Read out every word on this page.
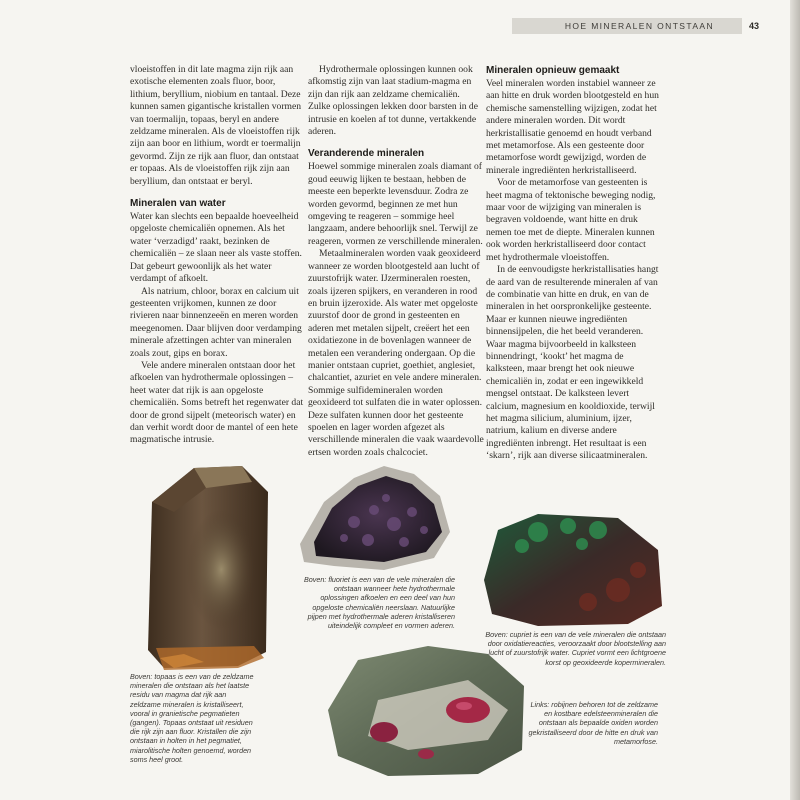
HOE MINERALEN ONTSTAAN	43

vloeistoffen in dit late magma zijn rijk aan exotische elementen zoals fluor, boor, lithium, beryllium, niobium en tantaal. Deze kunnen samen gigantische kristallen vormen van toermalijn, topaas, beryl en andere zeldzame mineralen. Als de vloeistoffen rijk zijn aan boor en lithium, wordt er toermalijn gevormd. Zijn ze rijk aan fluor, dan ontstaat er topaas. Als de vloeistoffen rijk zijn aan beryllium, dan ontstaat er beryl.

Mineralen van water

Water kan slechts een bepaalde hoeveelheid opgeloste chemicaliën opnemen. Als het water ‘verzadigd’ raakt, bezinken de chemicaliën – ze slaan neer als vaste stoffen. Dat gebeurt gewoonlijk als het water verdampt of afkoelt.

Als natrium, chloor, borax en calcium uit gesteenten vrijkomen, kunnen ze door rivieren naar binnenzeeën en meren worden meegenomen. Daar blijven door verdamping minerale afzettingen achter van mineralen zoals zout, gips en borax.

Vele andere mineralen ontstaan door het afkoelen van hydrothermale oplossingen – heet water dat rijk is aan opgeloste chemicaliën. Soms betreft het regenwater dat door de grond sijpelt (meteorisch water) en dan verhit wordt door de mantel of een hete magmatische intrusie.

Hydrothermale oplossingen kunnen ook afkomstig zijn van laat stadium-magma en zijn dan rijk aan zeldzame chemicaliën. Zulke oplossingen lekken door barsten in de intrusie en koelen af tot dunne, vertakkende aderen.

Veranderende mineralen

Hoewel sommige mineralen zoals diamant of goud eeuwig lijken te bestaan, hebben de meeste een beperkte levensduur. Zodra ze worden gevormd, beginnen ze met hun omgeving te reageren – sommige heel langzaam, andere behoorlijk snel. Terwijl ze reageren, vormen ze verschillende mineralen.

Metaalmineralen worden vaak geoxideerd wanneer ze worden blootgesteld aan lucht of zuurstofrijk water. IJzermineralen roesten, zoals ijzeren spijkers, en veranderen in rood en bruin ijzeroxide. Als water met opgeloste zuurstof door de grond in gesteenten en aderen met metalen sijpelt, creëert het een oxidatiezone in de bovenlagen wanneer de metalen een verandering ondergaan. Op die manier ontstaan cupriet, goethiet, anglesiet, chalcantiet, azuriet en vele andere mineralen. Sommige sulfidemineralen worden geoxideerd tot sulfaten die in water oplossen. Deze sulfaten kunnen door het gesteente spoelen en lager worden afgezet als verschillende mineralen die vaak waardevolle ertsen worden zoals chalcociet.

Mineralen opnieuw gemaakt

Veel mineralen worden instabiel wanneer ze aan hitte en druk worden blootgesteld en hun chemische samenstelling wijzigen, zodat het andere mineralen worden. Dit wordt herkristallisatie genoemd en houdt verband met metamorfose. Als een gesteente door metamorfose wordt gewijzigd, worden de minerale ingrediënten herkristalliseerd.

Voor de metamorfose van gesteenten is heet magma of tektonische beweging nodig, maar voor de wijziging van mineralen is begraven voldoende, want hitte en druk nemen toe met de diepte. Mineralen kunnen ook worden herkristalliseerd door contact met hydrothermale vloeistoffen.

In de eenvoudigste herkristallisaties hangt de aard van de resulterende mineralen af van de combinatie van hitte en druk, en van de mineralen in het oorspronkelijke gesteente. Maar er kunnen nieuwe ingrediënten binnensijpelen, die het beeld veranderen. Waar magma bijvoorbeeld in kalksteen binnendringt, ‘kookt’ het magma de kalksteen, maar brengt het ook nieuwe chemicaliën in, zodat er een ingewikkeld mengsel ontstaat. De kalksteen levert calcium, magnesium en kooldioxide, terwijl het magma silicium, aluminium, ijzer, natrium, kalium en diverse andere ingrediënten inbrengt. Het resultaat is een ‘skarn’, rijk aan diverse silicaatmineralen.

Boven: topaas is een van de zeldzame mineralen die ontstaan als het laatste residu van magma dat rijk aan zeldzame mineralen is kristalliseert, vooral in granietische pegmatieten (gangen). Topaas ontstaat uit residuen die rijk zijn aan fluor. Kristallen die zijn ontstaan in holten in het pegmatiet, miarolitische holten genoemd, worden soms heel groot.
Boven: fluoriet is een van de vele mineralen die ontstaan wanneer hete hydrothermale oplossingen afkoelen en een deel van hun opgeloste chemicaliën neerslaan. Natuurlijke pijpen met hydrothermale aderen kristalliseren uiteindelijk compleet en vormen aderen.
Boven: cupriet is een van de vele mineralen die ontstaan door oxidatiereacties, veroorzaakt door blootstelling aan lucht of zuurstofrijk water. Cupriet vormt een lichtgroene korst op geoxideerde kopermineralen.
Links: robijnen behoren tot de zeldzame en kostbare edelsteenmineralen die ontstaan als bepaalde oxiden worden gekristalliseerd door de hitte en druk van metamorfose.
